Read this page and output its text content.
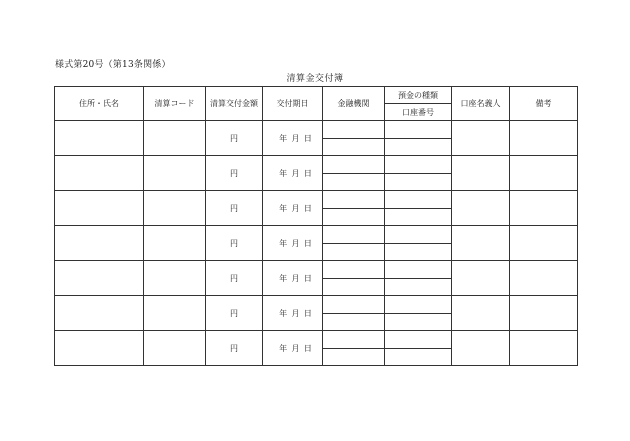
様式第20号（第13条関係）
清算金交付簿
住所・氏名	清算コード	清算交付金額	交付期日	金融機関	預金の種類	口座名義人	備考
					口座番号		
		円	年 月 日				

		円	年 月 日				

		円	年 月 日				

		円	年 月 日				

		円	年 月 日				

		円	年 月 日				

		円	年 月 日				
